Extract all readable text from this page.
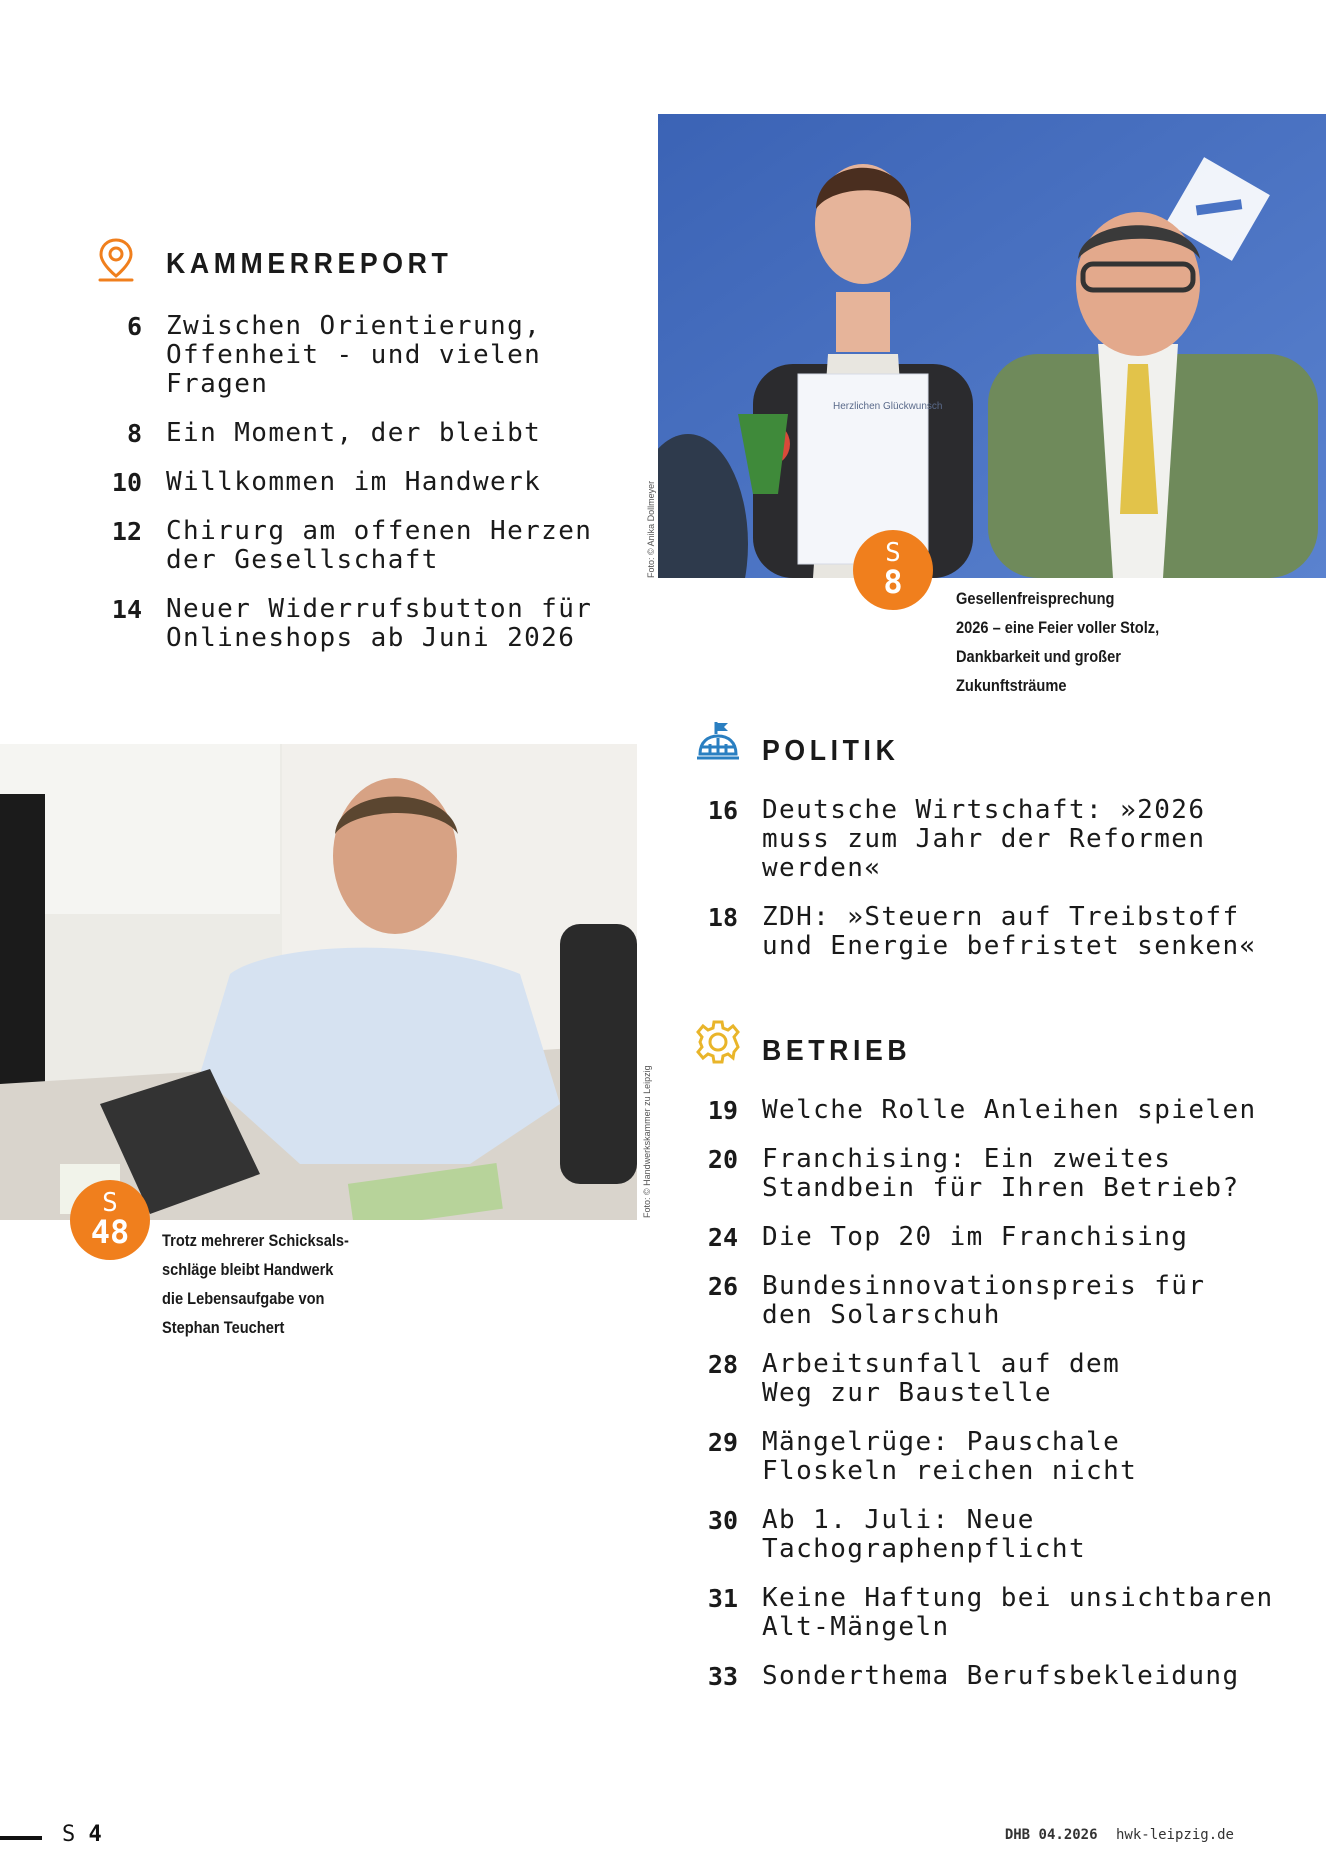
KAMMERREPORT
6 Zwischen Orientierung,
Offenheit - und vielen Fragen
8 Ein Moment, der bleibt
10 Willkommen im Handwerk
12 Chirurg am offenen Herzen
der Gesellschaft
14 Neuer Widerrufsbutton für
Onlineshops ab Juni 2026
Herzlichen Glückwunsch
Foto: © Anika Dollmeyer	S
8	Gesellenfreisprechung
2026 – eine Feier voller Stolz,
Dankbarkeit und großer
Zukunftsträume
Foto: © Handwerkskammer zu Leipzig
S
48	Trotz mehrerer Schicksals-
schläge bleibt Handwerk
die Lebensaufgabe von
Stephan Teuchert
POLITIK
16 Deutsche Wirtschaft: »2026
muss zum Jahr der Reformen
werden«
18 ZDH: »Steuern auf Treibstoff
und Energie befristet senken«
BETRIEB
19 Welche Rolle Anleihen spielen
20 Franchising: Ein zweites
Standbein für Ihren Betrieb?
24 Die Top 20 im Franchising
26 Bundesinnovationspreis für
den Solarschuh
28 Arbeitsunfall auf dem
Weg zur Baustelle
29 Mängelrüge: Pauschale
Floskeln reichen nicht
30 Ab 1. Juli: Neue
Tachographenpflicht
31 Keine Haftung bei unsichtbaren
Alt-Mängeln
33 Sonderthema Berufsbekleidung
S 4	DHB 04.2026 hwk-leipzig.de
